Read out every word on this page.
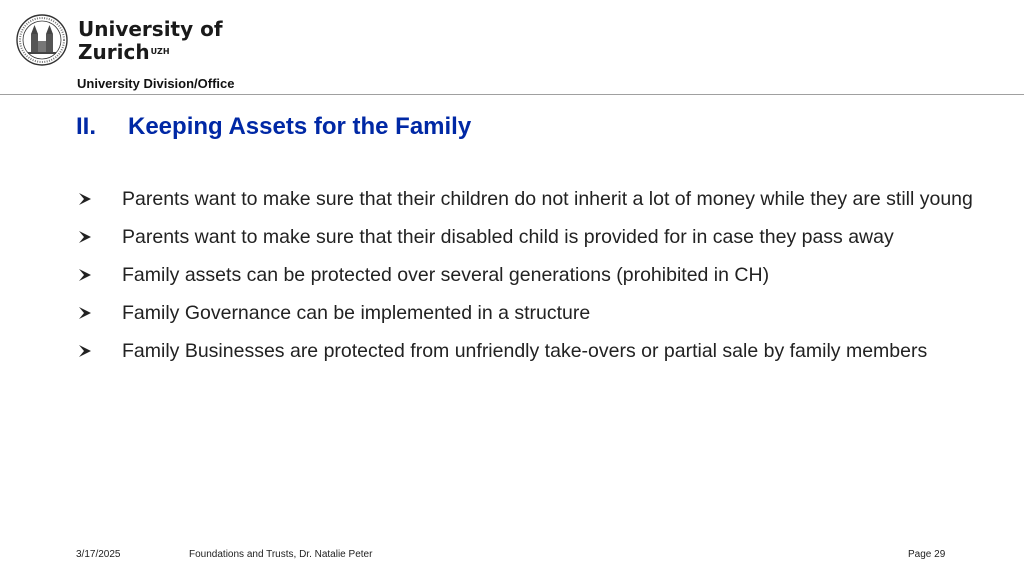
University of
Zurich$^{UZH}$
University Division/Office
II. Keeping Assets for the Family
Parents want to make sure that their children do not inherit a lot of money while they are still young
Parents want to make sure that their disabled child is provided for in case they pass away
Family assets can be protected over several generations (prohibited in CH)
Family Governance can be implemented in a structure
Family Businesses are protected from unfriendly take-overs or partial sale by family members
3/17/2025	Foundations and Trusts, Dr. Natalie Peter	Page 29
